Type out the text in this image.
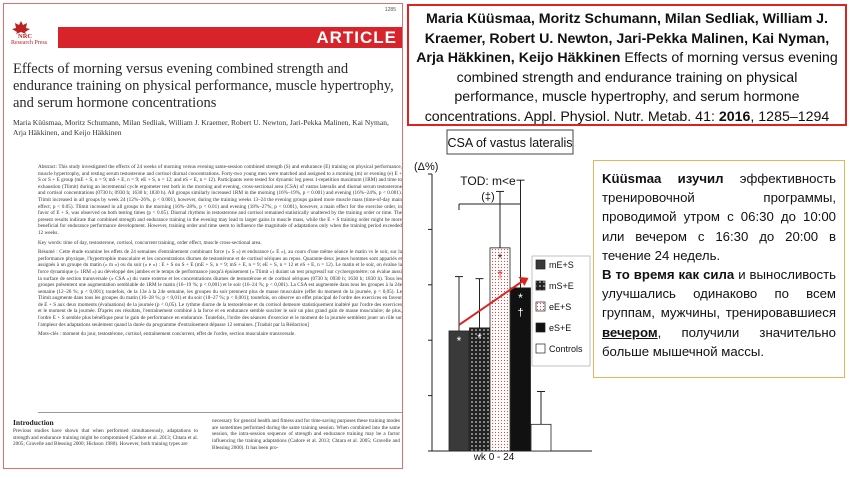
1285
NRC
Research Press	ARTICLE
Effects of morning versus evening combined strength and endurance training on physical performance, muscle hypertrophy, and serum hormone concentrations
Maria Küüsmaa, Moritz Schumann, Milan Sedliak, William J. Kraemer, Robert U. Newton, Jari-Pekka Malinen, Kai Nyman, Arja Häkkinen, and Keijo Häkkinen

Abstract: This study investigated the effects of 24 weeks of morning versus evening same-session combined strength (S) and endurance (E) training on physical performance, muscle hypertrophy, and resting serum testosterone and cortisol diurnal concentrations. Forty-two young men were matched and assigned to a morning (m) or evening (e) E + S or S + E group (mE + S, n = 9; mS + E, n = 9; eE + S, n = 12; and eS + E, n = 12). Participants were tested for dynamic leg press 1-repetition maximum (1RM) and time to exhaustion (Tlimit) during an incremental cycle ergometer test both in the morning and evening, cross-sectional area (CSA) of vastus lateralis and diurnal serum testosterone and cortisol concentrations (0730 h; 0930 h; 1630 h; 1830 h). All groups similarly increased 1RM in the morning (16%–19%, p < 0.001) and evening (16%–24%, p < 0.001). Tlimit increased in all groups by week 24 (12%–26%, p < 0.001), however, during the training weeks 13–24 the evening groups gained more muscle mass (time-of-day main effect; p < 0.05). Tlimit increased in all groups in the morning (16%–28%, p < 0.01) and evening (18%–27%, p < 0.001), however, a main effect for the exercise order, in favor of E + S, was observed on both testing times (p < 0.05). Diurnal rhythms in testosterone and cortisol remained statistically unaltered by the training order or time. The present results indicate that combined strength and endurance training in the evening may lead to larger gains in muscle mass, while the E + S training order might be more beneficial for endurance performance development. However, training order and time seem to influence the magnitude of adaptations only when the training period exceeded 12 weeks.

Key words: time of day, testosterone, cortisol, concurrent training, order effect, muscle cross-sectional area.

Résumé : Cette étude examine les effets de 24 semaines d'entraînement combinant force (« S ») et endurance (« E »), au cours d'une même séance le matin vs le soir, sur la performance physique, l'hypertrophie musculaire et les concentrations diurnes de testostérone et de cortisol sériques au repos. Quarante-deux jeunes hommes sont appariés et assignés à un groupe du matin (« m ») ou du soir (« e ») : E + S ou S + E (mE + S, n = 9; mS + E, n = 9; eE + S, n = 12 et eS + E, n = 12). Le matin et le soir, on évalue la force dynamique (« 1RM ») au développé des jambes et le temps de performance jusqu'à épuisement (« Tlimit ») durant un test progressif sur cycloergomètre; on évalue aussi la surface de section transversale (« CSA ») du vaste externe et les concentrations diurnes de testostérone et de cortisol sériques (0730 h; 0930 h; 1630 h; 1830 h). Tous les groupes présentent une augmentation semblable de 1RM le matin (16–19 %; p < 0,001) et le soir (16–24 %; p < 0,001). La CSA est augmentée dans tous les groupes à la 24e semaine (12–26 %; p < 0,001); toutefois, de la 13e à la 24e semaine, les groupes du soir prennent plus de masse musculaire (effet du moment de la journée, p < 0,05). Le Tlimit augmente dans tous les groupes du matin (16–28 %; p < 0,01) et du soir (18–27 %; p < 0,001); toutefois, on observe un effet principal de l'ordre des exercices en faveur de E + S aux deux moments (évaluations) de la journée (p < 0,05). Le rythme diurne de la testostérone et du cortisol demeure statistiquement inaltéré par l'ordre des exercices et le moment de la journée. D'après ces résultats, l'entraînement combiné à la force et en endurance semble susciter le soir un plus grand gain de masse musculaire; de plus, l'ordre E + S semble plus bénéfique pour le gain de performance en endurance. Toutefois, l'ordre des séances d'exercice et le moment de la journée semblent jouer un rôle sur l'ampleur des adaptations seulement quand la durée du programme d'entraînement dépasse 12 semaines. [Traduit par la Rédaction]

Mots-clés : moment du jour, testostérone, cortisol, entraînement concurrent, effet de l'ordre, section musculaire transversale.

Introduction
Previous studies have shown that when performed simultaneously, adaptations to strength and endurance training might be compromised (Cadore et al. 2013; Chtara et al. 2005; Gravelle and Blessing 2000; Hickson 1980). However, both training types are
necessary for general health and fitness and for time-saving purposes these training modes are sometimes performed during the same training session. When combined into the same session, the intra-session sequence of strength and endurance training may be a factor influencing the training adaptations (Cadore et al. 2013; Chtara et al. 2005; Gravelle and Blessing 2000). It has been pro-
Maria Küüsmaa, Moritz Schumann, Milan Sedliak, William J. Kraemer, Robert U. Newton, Jari-Pekka Malinen, Kai Nyman, Arja Häkkinen, Keijo Häkkinen Effects of morning versus evening combined strength and endurance training on physical performance, muscle hypertrophy, and serum hormone concentrations. Appl. Physiol. Nutr. Metab. 41: 2016, 1285–1294
CSA of vastus lateralis
(Δ%)
TOD: m<e
(‡)
* *
*
*
†
†
mE+S
mS+E
eE+S
eS+E
Controls
wk 0 - 24
Küüsmaa изучил эффективность тренировочной программы, проводимой утром с 06:30 до 10:00 или вечером с 16:30 до 20:00 в течение 24 недель.
В то время как сила и выносливость улучшались одинаково по всем группам, мужчины, тренировавшиеся вечером, получили значительно больше мышечной массы.
